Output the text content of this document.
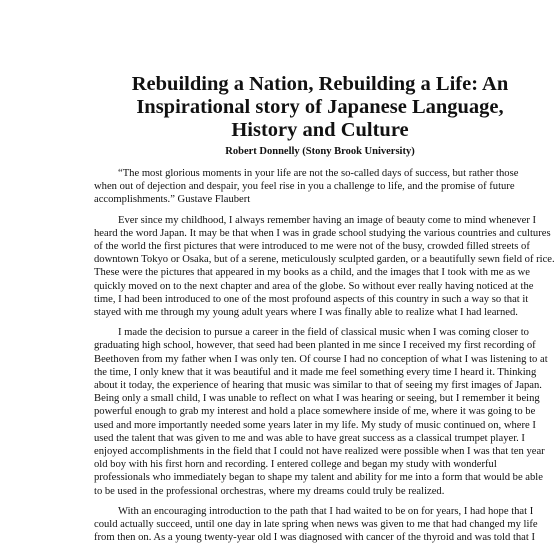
Rebuilding a Nation, Rebuilding a Life: An
Inspirational story of Japanese Language,
History and Culture

Robert Donnelly (Stony Brook University)

“The most glorious moments in your life are not the so-called days of success, but rather those
when out of dejection and despair, you feel rise in you a challenge to life, and the promise of future
accomplishments.” Gustave Flaubert

Ever since my childhood, I always remember having an image of beauty come to mind whenever I
heard the word Japan. It may be that when I was in grade school studying the various countries and cultures
of the world the first pictures that were introduced to me were not of the busy, crowded filled streets of
downtown Tokyo or Osaka, but of a serene, meticulously sculpted garden, or a beautifully sewn field of rice.
These were the pictures that appeared in my books as a child, and the images that I took with me as we
quickly moved on to the next chapter and area of the globe. So without ever really having noticed at the
time, I had been introduced to one of the most profound aspects of this country in such a way so that it
stayed with me through my young adult years where I was finally able to realize what I had learned.

I made the decision to pursue a career in the field of classical music when I was coming closer to
graduating high school, however, that seed had been planted in me since I received my first recording of
Beethoven from my father when I was only ten. Of course I had no conception of what I was listening to at
the time, I only knew that it was beautiful and it made me feel something every time I heard it. Thinking
about it today, the experience of hearing that music was similar to that of seeing my first images of Japan.
Being only a small child, I was unable to reflect on what I was hearing or seeing, but I remember it being
powerful enough to grab my interest and hold a place somewhere inside of me, where it was going to be
used and more importantly needed some years later in my life. My study of music continued on, where I
used the talent that was given to me and was able to have great success as a classical trumpet player. I
enjoyed accomplishments in the field that I could not have realized were possible when I was that ten year
old boy with his first horn and recording. I entered college and began my study with wonderful
professionals who immediately began to shape my talent and ability for me into a form that would be able
to be used in the professional orchestras, where my dreams could truly be realized.

With an encouraging introduction to the path that I had waited to be on for years, I had hope that I
could actually succeed, until one day in late spring when news was given to me that had changed my life
from then on. As a young twenty-year old I was diagnosed with cancer of the thyroid and was told that I
